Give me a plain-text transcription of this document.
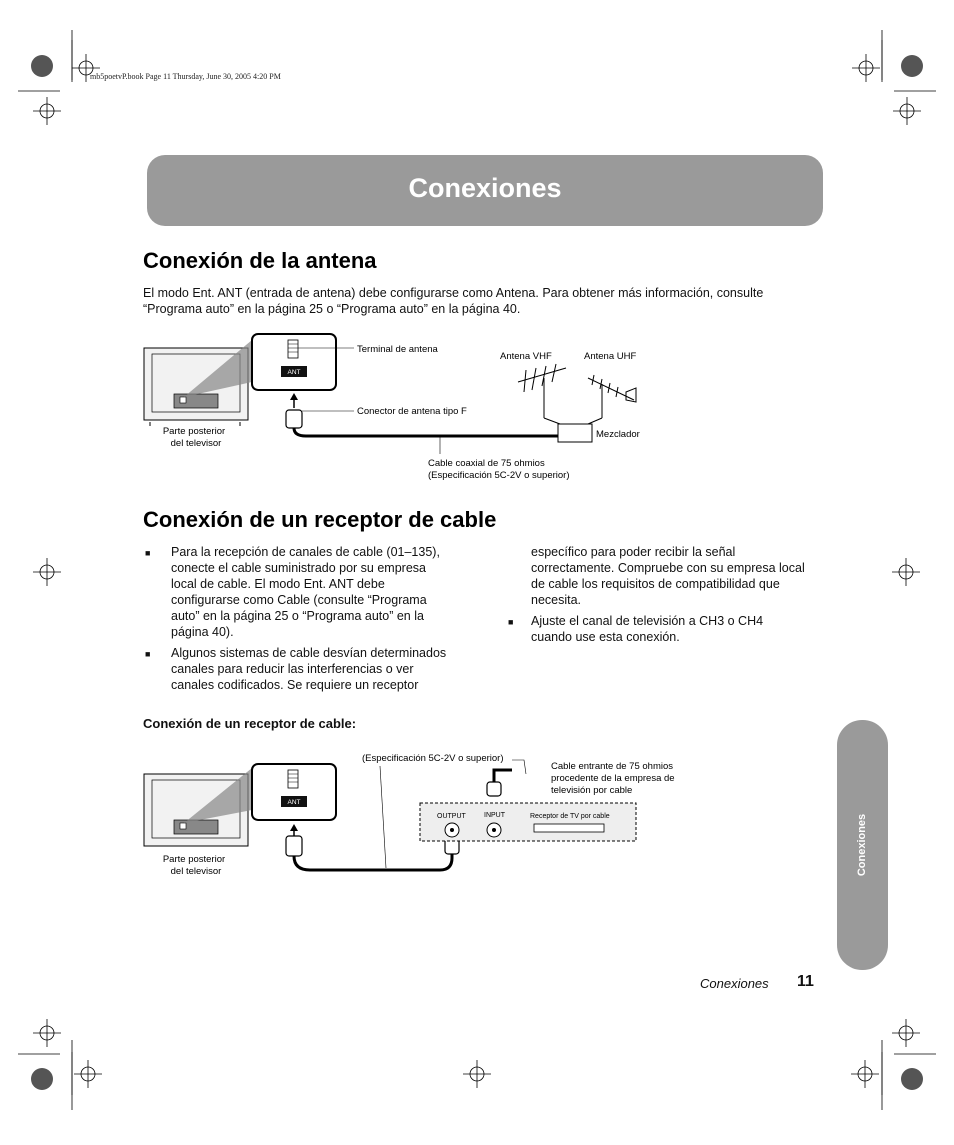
mb5poetvP.book Page 11 Thursday, June 30, 2005 4:20 PM
Conexiones
Conexión de la antena
El modo Ent. ANT (entrada de antena) debe configurarse como Antena. Para obtener más información, consulte
“Programa auto” en la página 25 o “Programa auto” en la página 40.
ANT
Terminal de antena
Conector de antena tipo F
Cable coaxial de 75 ohmios
(Especificación 5C-2V o superior)
Mezclador
Antena VHF	Antena UHF
Parte posterior
del televisor
Conexión de un receptor de cable
■	Para la recepción de canales de cable (01–135),
conecte el cable suministrado por su empresa
local de cable. El modo Ent. ANT debe
configurarse como Cable (consulte “Programa
auto” en la página 25 o “Programa auto” en la
página 40).
■	Algunos sistemas de cable desvían determinados
canales para reducir las interferencias o ver
canales codificados. Se requiere un receptor
específico para poder recibir la señal
correctamente. Compruebe con su empresa local
de cable los requisitos de compatibilidad que
necesita.
■	Ajuste el canal de televisión a CH3 o CH4
cuando use esta conexión.
Conexión de un receptor de cable:
ANT
Parte posterior
del televisor
(Especificación 5C-2V o superior)
OUTPUT	INPUT	Receptor de TV por cable
Cable entrante de 75 ohmios
procedente de la empresa de
televisión por cable
Conexiones
Conexiones 11
